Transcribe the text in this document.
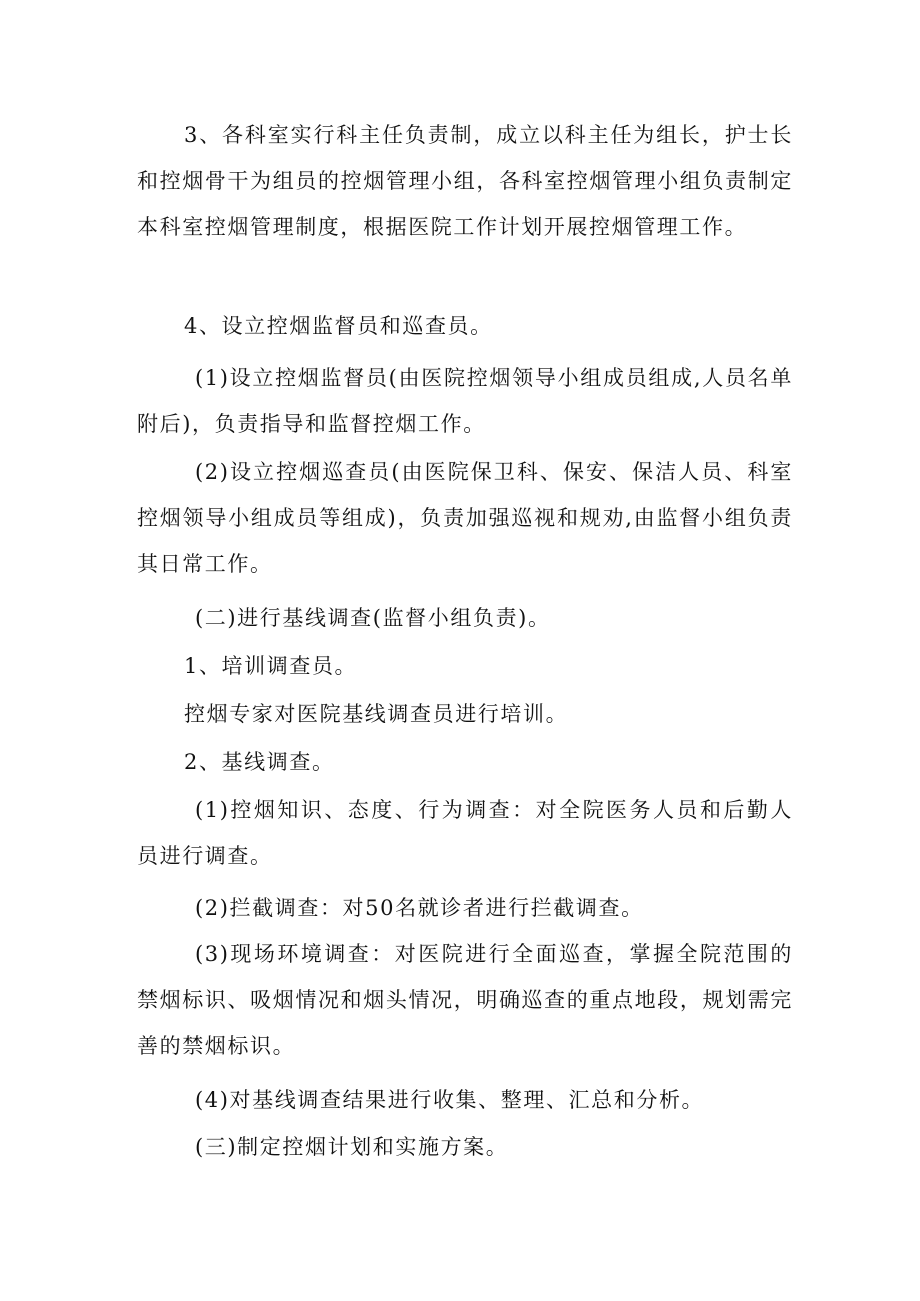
3、各科室实行科主任负责制，成立以科主任为组长，护士长和控烟骨干为组员的控烟管理小组，各科室控烟管理小组负责制定本科室控烟管理制度，根据医院工作计划开展控烟管理工作。

4、设立控烟监督员和巡查员。

(1)设立控烟监督员(由医院控烟领导小组成员组成,人员名单附后)，负责指导和监督控烟工作。

(2)设立控烟巡查员(由医院保卫科、保安、保洁人员、科室控烟领导小组成员等组成)，负责加强巡视和规劝,由监督小组负责其日常工作。

(二)进行基线调查(监督小组负责)。

1、培训调查员。

控烟专家对医院基线调查员进行培训。

2、基线调查。

(1)控烟知识、态度、行为调查：对全院医务人员和后勤人员进行调查。

(2)拦截调查：对50名就诊者进行拦截调查。

(3)现场环境调查：对医院进行全面巡查，掌握全院范围的禁烟标识、吸烟情况和烟头情况，明确巡查的重点地段，规划需完善的禁烟标识。

(4)对基线调查结果进行收集、整理、汇总和分析。

(三)制定控烟计划和实施方案。
